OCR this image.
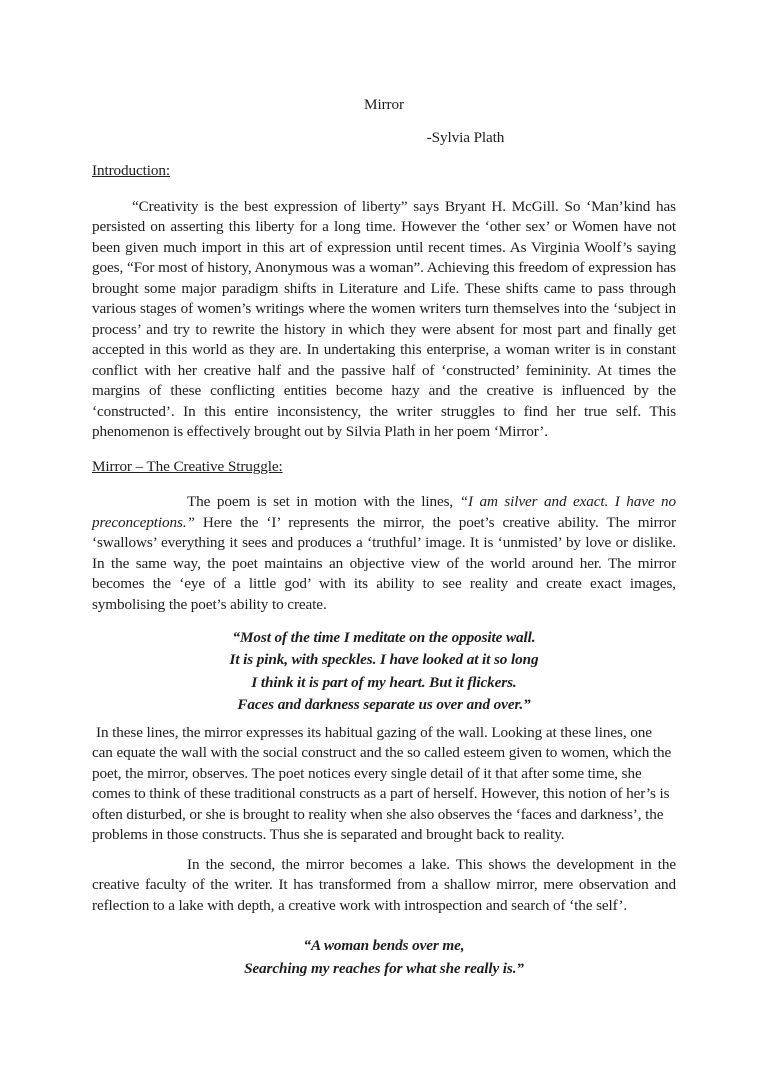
Mirror
-Sylvia Plath
Introduction:

“Creativity is the best expression of liberty” says Bryant H. McGill. So ‘Man’kind has persisted on asserting this liberty for a long time. However the ‘other sex’ or Women have not been given much import in this art of expression until recent times. As Virginia Woolf’s saying goes, “For most of history, Anonymous was a woman”. Achieving this freedom of expression has brought some major paradigm shifts in Literature and Life. These shifts came to pass through various stages of women’s writings where the women writers turn themselves into the ‘subject in process’ and try to rewrite the history in which they were absent for most part and finally get accepted in this world as they are. In undertaking this enterprise, a woman writer is in constant conflict with her creative half and the passive half of ‘constructed’ femininity. At times the margins of these conflicting entities become hazy and the creative is influenced by the ‘constructed’. In this entire inconsistency, the writer struggles to find her true self. This phenomenon is effectively brought out by Silvia Plath in her poem ‘Mirror’.

Mirror – The Creative Struggle:

The poem is set in motion with the lines, “I am silver and exact. I have no preconceptions.” Here the ‘I’ represents the mirror, the poet’s creative ability. The mirror ‘swallows’ everything it sees and produces a ‘truthful’ image. It is ‘unmisted’ by love or dislike. In the same way, the poet maintains an objective view of the world around her. The mirror becomes the ‘eye of a little god’ with its ability to see reality and create exact images, symbolising the poet’s ability to create.

“Most of the time I meditate on the opposite wall.
It is pink, with speckles. I have looked at it so long
I think it is part of my heart. But it flickers.
Faces and darkness separate us over and over.”

In these lines, the mirror expresses its habitual gazing of the wall. Looking at these lines, one can equate the wall with the social construct and the so called esteem given to women, which the poet, the mirror, observes. The poet notices every single detail of it that after some time, she comes to think of these traditional constructs as a part of herself. However, this notion of her’s is often disturbed, or she is brought to reality when she also observes the ‘faces and darkness’, the problems in those constructs. Thus she is separated and brought back to reality.

In the second, the mirror becomes a lake. This shows the development in the creative faculty of the writer. It has transformed from a shallow mirror, mere observation and reflection to a lake with depth, a creative work with introspection and search of ‘the self’.

“A woman bends over me,
Searching my reaches for what she really is.”
